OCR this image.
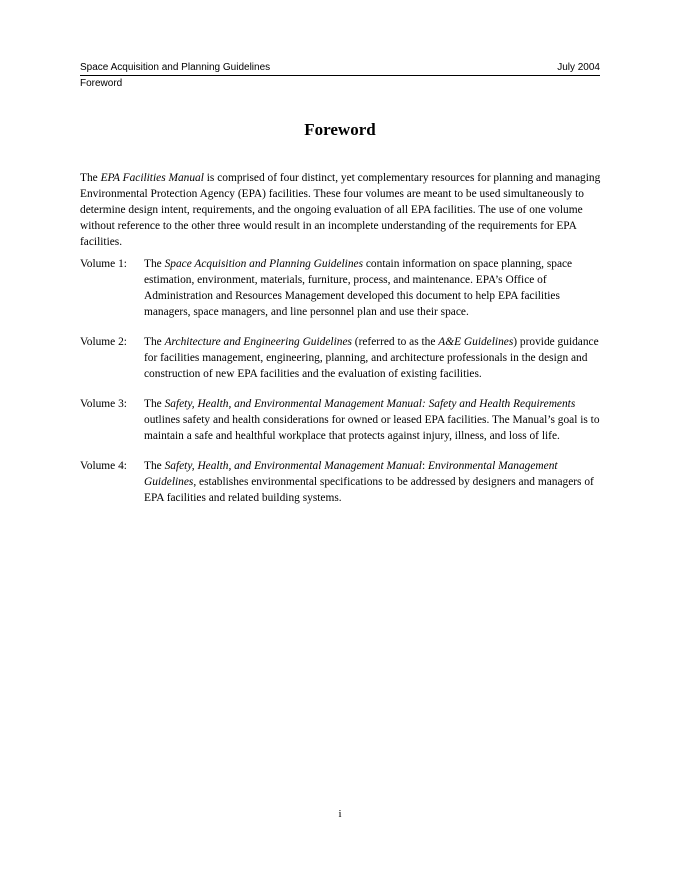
Space Acquisition and Planning Guidelines	July 2004
Foreword
Foreword

The EPA Facilities Manual is comprised of four distinct, yet complementary resources for planning and managing Environmental Protection Agency (EPA) facilities. These four volumes are meant to be used simultaneously to determine design intent, requirements, and the ongoing evaluation of all EPA facilities. The use of one volume without reference to the other three would result in an incomplete understanding of the requirements for EPA facilities.

Volume 1:	The Space Acquisition and Planning Guidelines contain information on space planning, space estimation, environment, materials, furniture, process, and maintenance. EPA’s Office of Administration and Resources Management developed this document to help EPA facilities managers, space managers, and line personnel plan and use their space.
Volume 2:	The Architecture and Engineering Guidelines (referred to as the A&E Guidelines) provide guidance for facilities management, engineering, planning, and architecture professionals in the design and construction of new EPA facilities and the evaluation of existing facilities.
Volume 3:	The Safety, Health, and Environmental Management Manual: Safety and Health Requirements outlines safety and health considerations for owned or leased EPA facilities. The Manual’s goal is to maintain a safe and healthful workplace that protects against injury, illness, and loss of life.
Volume 4:	The Safety, Health, and Environmental Management Manual: Environmental Management Guidelines, establishes environmental specifications to be addressed by designers and managers of EPA facilities and related building systems.
i
